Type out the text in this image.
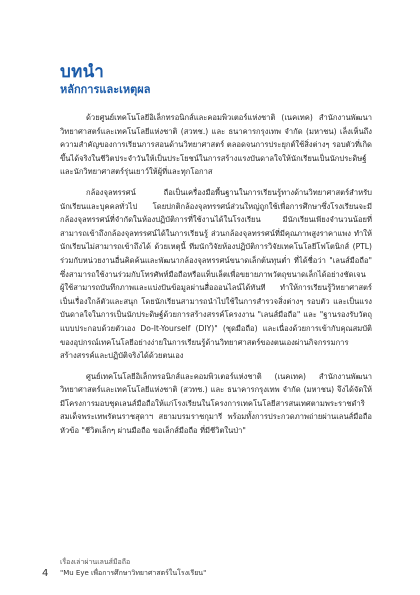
บทนำ
หลักการและเหตุผล

ด้วยศูนย์เทคโนโลยีอิเล็กทรอนิกส์และคอมพิวเตอร์แห่งชาติ (เนคเทค) สำนักงานพัฒนาวิทยาศาสตร์และเทคโนโลยีแห่งชาติ (สวทช.) และ ธนาคารกรุงเทพ จำกัด (มหาชน) เล็งเห็นถึงความสำคัญของการเรียนการสอนด้านวิทยาศาสตร์ ตลอดจนการประยุกต์ใช้สิ่งต่างๆ รอบตัวที่เกิดขึ้นได้จริงในชีวิตประจำวันให้เป็นประโยชน์ในการสร้างแรงบันดาลใจให้นักเรียนเป็นนักประดิษฐ์และนักวิทยาศาสตร์รุ่นเยาว์ให้ผู้ที่และทุกโอกาส

กล้องจุลทรรศน์ ถือเป็นเครื่องมือพื้นฐานในการเรียนรู้ทางด้านวิทยาศาสตร์สำหรับนักเรียนและบุคคลทั่วไป โดยปกติกล้องจุลทรรศน์ส่วนใหญ่ถูกใช้เพื่อการศึกษาซึ่งโรงเรียนจะมีกล้องจุลทรรศน์ที่จำกัดในห้องปฏิบัติการที่ใช้งานได้ในโรงเรียน มีนักเรียนเพียงจำนวนน้อยที่สามารถเข้าถึงกล้องจุลทรรศน์ได้ในการเรียนรู้ ส่วนกล้องจุลทรรศน์ที่มีคุณภาพสูงราคาแพง ทำให้นักเรียนไม่สามารถเข้าถึงได้ ด้วยเหตุนี้ ทีมนักวิจัยห้องปฏิบัติการวิจัยเทคโนโลยีโฟโตนิกส์ (PTL) ร่วมกับหน่วยงานอื่นคิดค้นและพัฒนากล้องจุลทรรศน์ขนาดเล็กต้นทุนต่ำ ที่ได้ชื่อว่า "เลนส์มือถือ" ซึ่งสามารถใช้งานร่วมกับโทรศัพท์มือถือหรือแท็บเล็ตเพื่อขยายภาพวัตถุขนาดเล็กได้อย่างชัดเจน ผู้ใช้สามารถบันทึกภาพและแบ่งปันข้อมูลผ่านสื่อออนไลน์ได้ทันที ทำให้การเรียนรู้วิทยาศาสตร์เป็นเรื่องใกล้ตัวและสนุก โดยนักเรียนสามารถนำไปใช้ในการสำรวจสิ่งต่างๆ รอบตัว และเป็นแรงบันดาลใจในการเป็นนักประดิษฐ์ด้วยการสร้างสรรค์โครงงาน "เลนส์มือถือ" และ "ฐานรองรับวัตถุแบบประกอบด้วยตัวเอง Do-It-Yourself (DIY)" (ชุดมือถือ) และเนื่องด้วยการเข้ากับคุณสมบัติของอุปกรณ์เทคโนโลยีอย่างง่ายในการเรียนรู้ด้านวิทยาศาสตร์ของตนเองผ่านกิจกรรมการสร้างสรรค์และปฏิบัติจริงได้ด้วยตนเอง

ศูนย์เทคโนโลยีอิเล็กทรอนิกส์และคอมพิวเตอร์แห่งชาติ (เนคเทค) สำนักงานพัฒนาวิทยาศาสตร์และเทคโนโลยีแห่งชาติ (สวทช.) และ ธนาคารกรุงเทพ จำกัด (มหาชน) จึงได้จัดให้มีโครงการมอบชุดเลนส์มือถือให้แก่โรงเรียนในโครงการเทคโนโลยีสารสนเทศตามพระราชดำริสมเด็จพระเทพรัตนราชสุดาฯ สยามบรมราชกุมารี พร้อมทั้งการประกวดภาพถ่ายผ่านเลนส์มือถือ หัวข้อ "ชีวิตเล็กๆ ผ่านมือถือ ขอเล็กส์มือถือ ที่มีชีวิตในป่า"

4
เรื่องเล่าผ่านเลนส์มือถือ
"Mu Eye เพื่อการศึกษาวิทยาศาสตร์ในโรงเรียน"
